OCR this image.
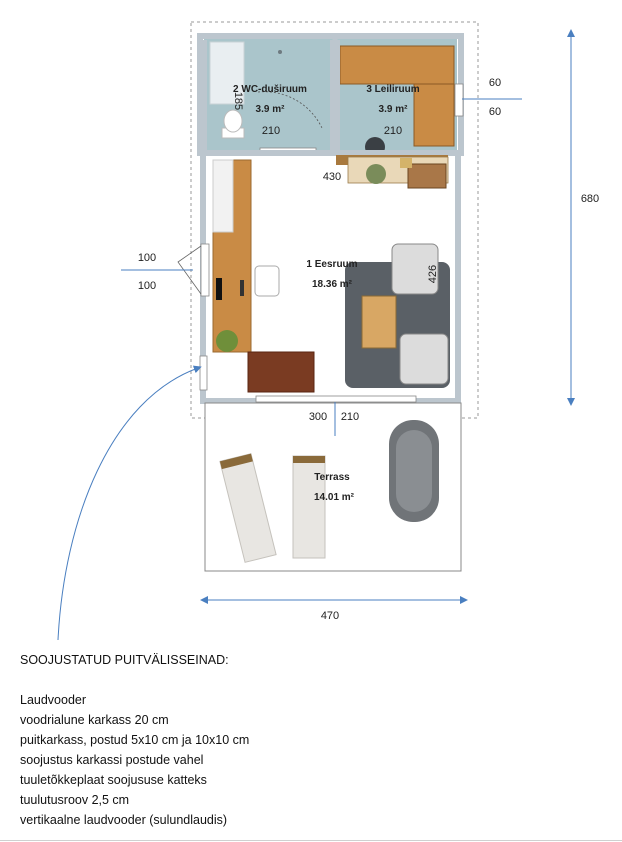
2 WC-duširuum
3.9 m²
210
185
3 Leiliruum
3.9 m²
210
1 Eesruum
18.36 m²
430
426
Terrass
14.01 m²
680
470
60
60
100
100
300 210

SOOJUSTATUD PUITVÄLISSEINAD:

Laudvooder

voodrialune karkass 20 cm

puitkarkass, postud 5x10 cm ja 10x10 cm

soojustus karkassi postude vahel

tuuletõkkeplaat soojususe katteks

tuulutusroov 2,5 cm

vertikaalne laudvooder (sulundlaudis)
